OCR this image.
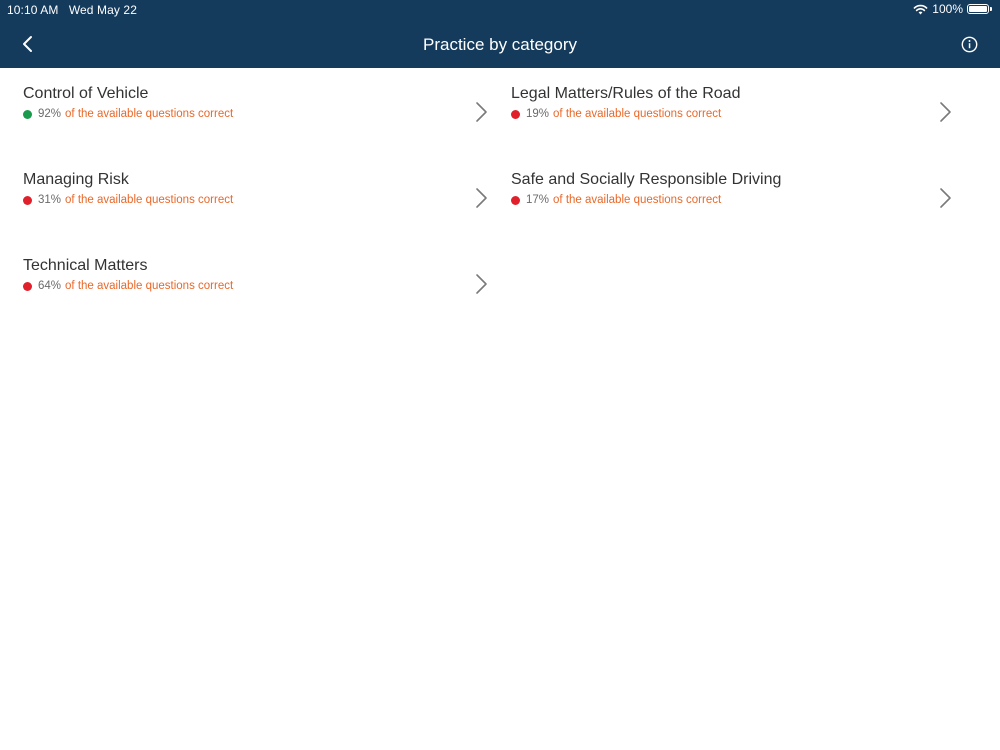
10:10 AM Wed May 22	100%
Practice by category
Control of Vehicle
92% of the available questions correct
Legal Matters/Rules of the Road
19% of the available questions correct
Managing Risk
31% of the available questions correct
Safe and Socially Responsible Driving
17% of the available questions correct
Technical Matters
64% of the available questions correct
